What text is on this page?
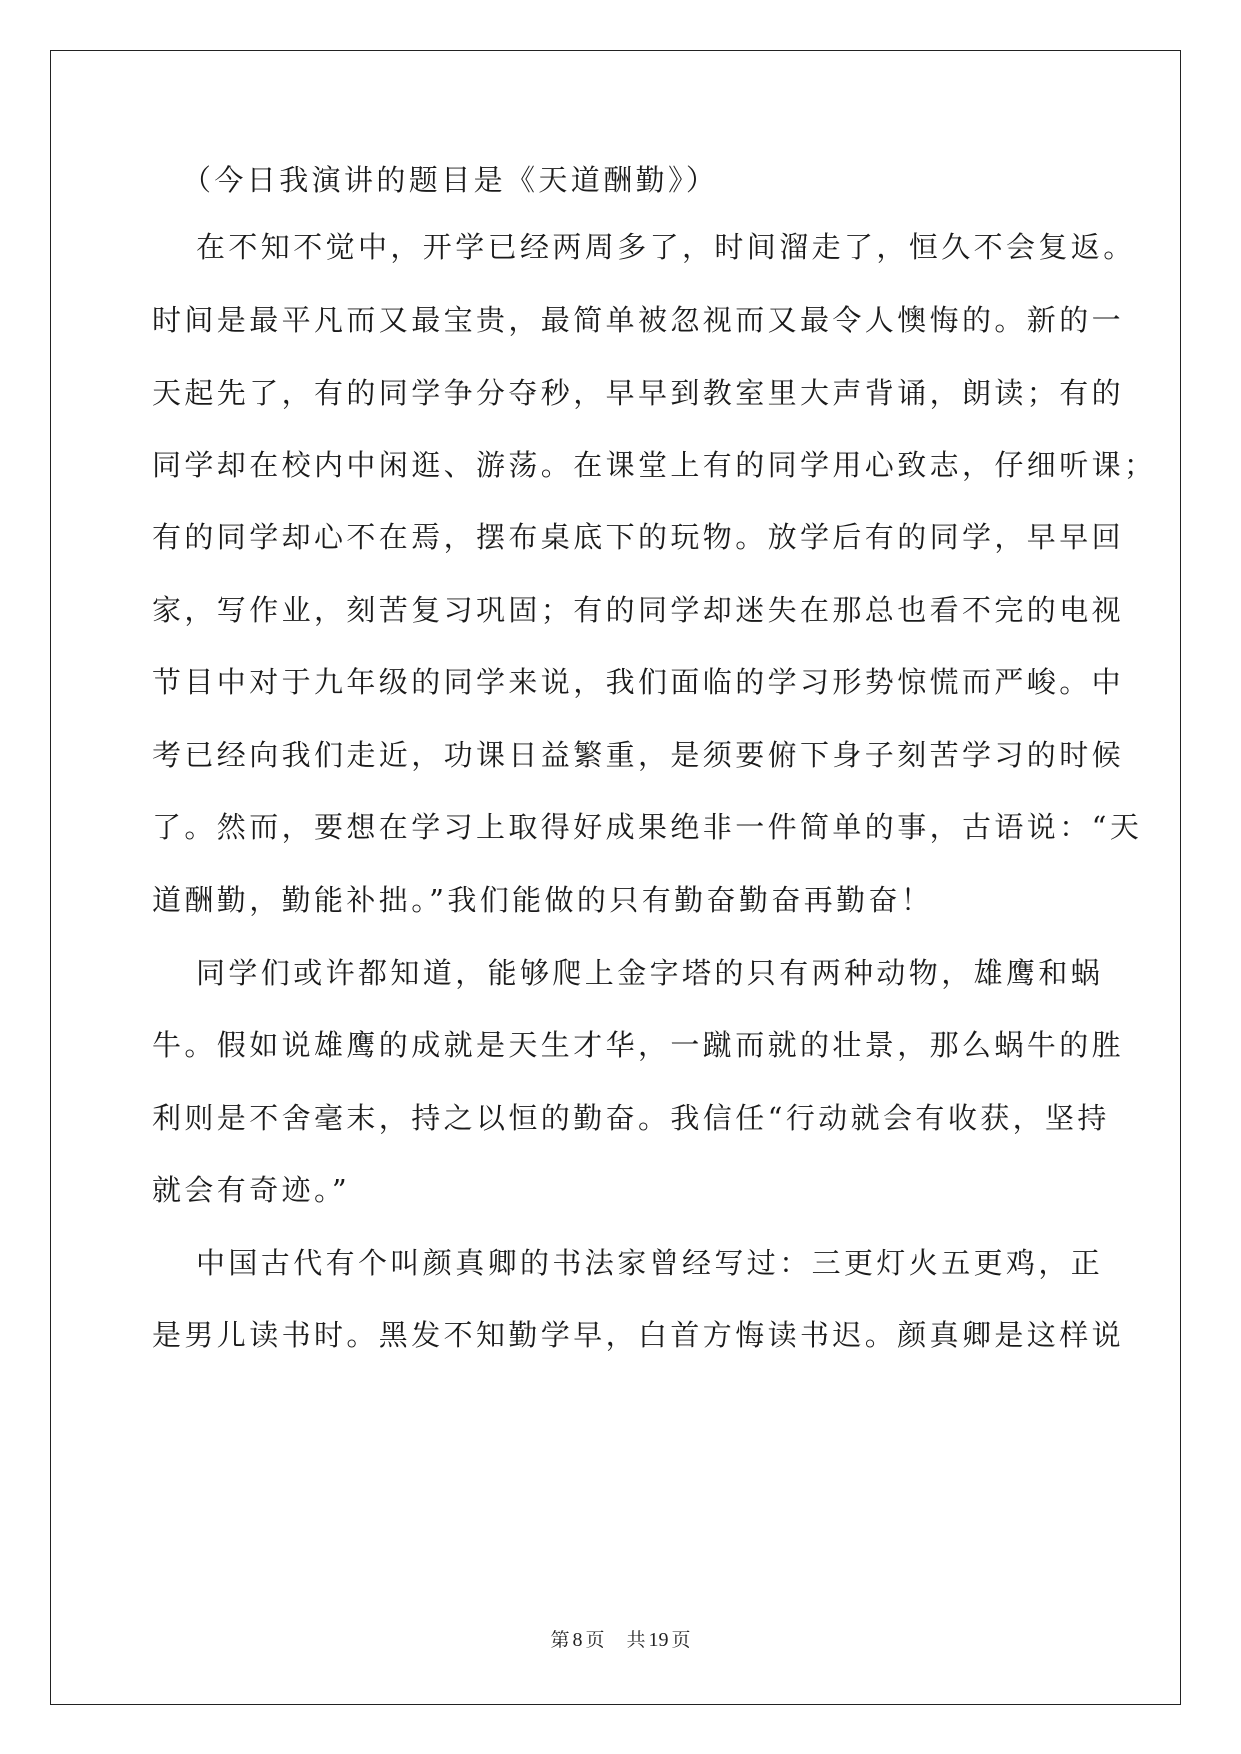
（今日我演讲的题目是《天道酬勤》）
在不知不觉中，开学已经两周多了，时间溜走了，恒久不会复返。
时间是最平凡而又最宝贵，最简单被忽视而又最令人懊悔的。新的一
天起先了，有的同学争分夺秒，早早到教室里大声背诵，朗读；有的
同学却在校内中闲逛、游荡。在课堂上有的同学用心致志，仔细听课；
有的同学却心不在焉，摆布桌底下的玩物。放学后有的同学，早早回
家，写作业，刻苦复习巩固；有的同学却迷失在那总也看不完的电视
节目中对于九年级的同学来说，我们面临的学习形势惊慌而严峻。中
考已经向我们走近，功课日益繁重，是须要俯下身子刻苦学习的时候
了。然而，要想在学习上取得好成果绝非一件简单的事，古语说：“天
道酬勤，勤能补拙。”我们能做的只有勤奋勤奋再勤奋！
同学们或许都知道，能够爬上金字塔的只有两种动物，雄鹰和蜗
牛。假如说雄鹰的成就是天生才华，一蹴而就的壮景，那么蜗牛的胜
利则是不舍毫末，持之以恒的勤奋。我信任“行动就会有收获，坚持
就会有奇迹。”
中国古代有个叫颜真卿的书法家曾经写过：三更灯火五更鸡，正
是男儿读书时。黑发不知勤学早，白首方悔读书迟。颜真卿是这样说
第 8 页 共 19 页
